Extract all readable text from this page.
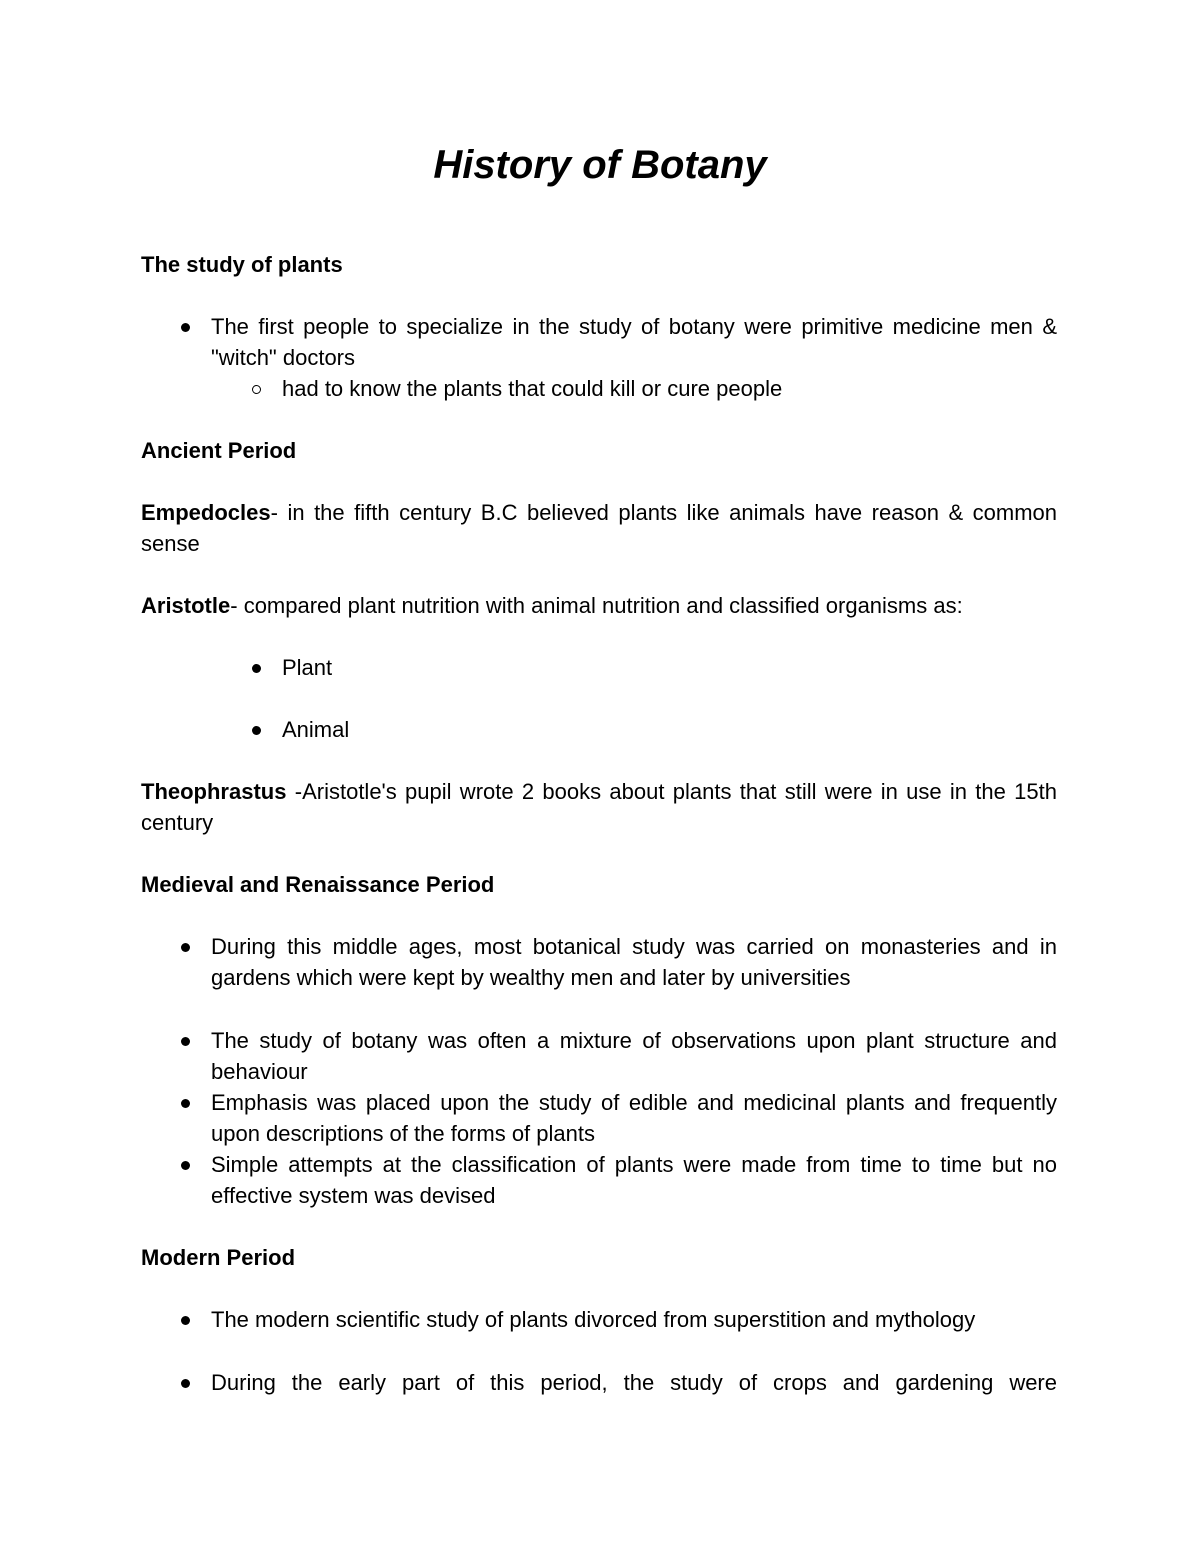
History of Botany
The study of plants
The first people to specialize in the study of botany were primitive medicine men & "witch" doctors
had to know the plants that could kill or cure people
Ancient Period

Empedocles- in the fifth century B.C believed plants like animals have reason & common sense

Aristotle- compared plant nutrition with animal nutrition and classified organisms as:

Plant
Animal

Theophrastus -Aristotle's pupil wrote 2 books about plants that still were in use in the 15th century

Medieval and Renaissance Period
During this middle ages, most botanical study was carried on monasteries and in gardens which were kept by wealthy men and later by universities
The study of botany was often a mixture of observations upon plant structure and behaviour
Emphasis was placed upon the study of edible and medicinal plants and frequently upon descriptions of the forms of plants
Simple attempts at the classification of plants were made from time to time but no effective system was devised
Modern Period
The modern scientific study of plants divorced from superstition and mythology
During the early part of this period, the study of crops and gardening were
